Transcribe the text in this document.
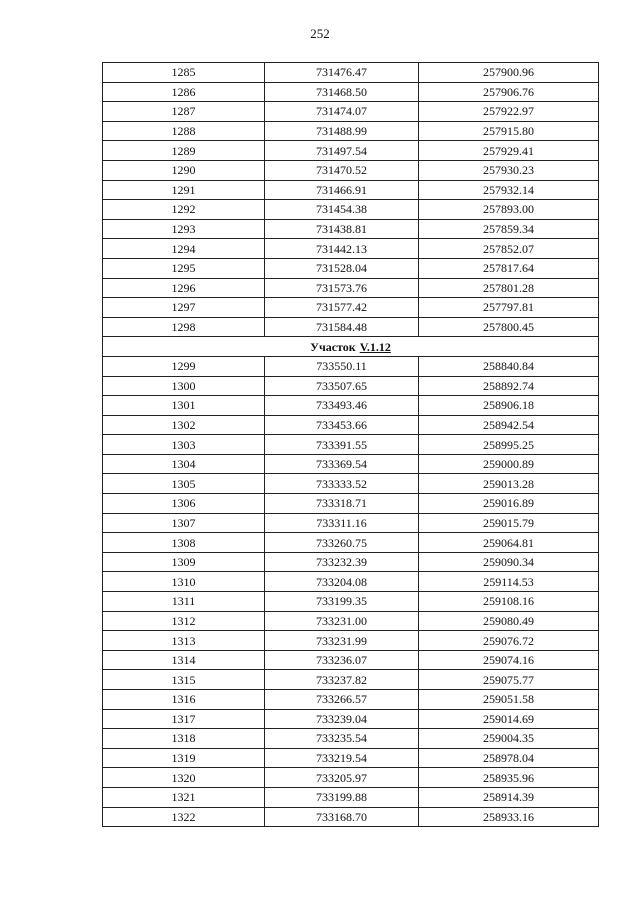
252
1285	731476.47	257900.96
1286	731468.50	257906.76
1287	731474.07	257922.97
1288	731488.99	257915.80
1289	731497.54	257929.41
1290	731470.52	257930.23
1291	731466.91	257932.14
1292	731454.38	257893.00
1293	731438.81	257859.34
1294	731442.13	257852.07
1295	731528.04	257817.64
1296	731573.76	257801.28
1297	731577.42	257797.81
1298	731584.48	257800.45
Участок V.1.12		
1299	733550.11	258840.84
1300	733507.65	258892.74
1301	733493.46	258906.18
1302	733453.66	258942.54
1303	733391.55	258995.25
1304	733369.54	259000.89
1305	733333.52	259013.28
1306	733318.71	259016.89
1307	733311.16	259015.79
1308	733260.75	259064.81
1309	733232.39	259090.34
1310	733204.08	259114.53
1311	733199.35	259108.16
1312	733231.00	259080.49
1313	733231.99	259076.72
1314	733236.07	259074.16
1315	733237.82	259075.77
1316	733266.57	259051.58
1317	733239.04	259014.69
1318	733235.54	259004.35
1319	733219.54	258978.04
1320	733205.97	258935.96
1321	733199.88	258914.39
1322	733168.70	258933.16
